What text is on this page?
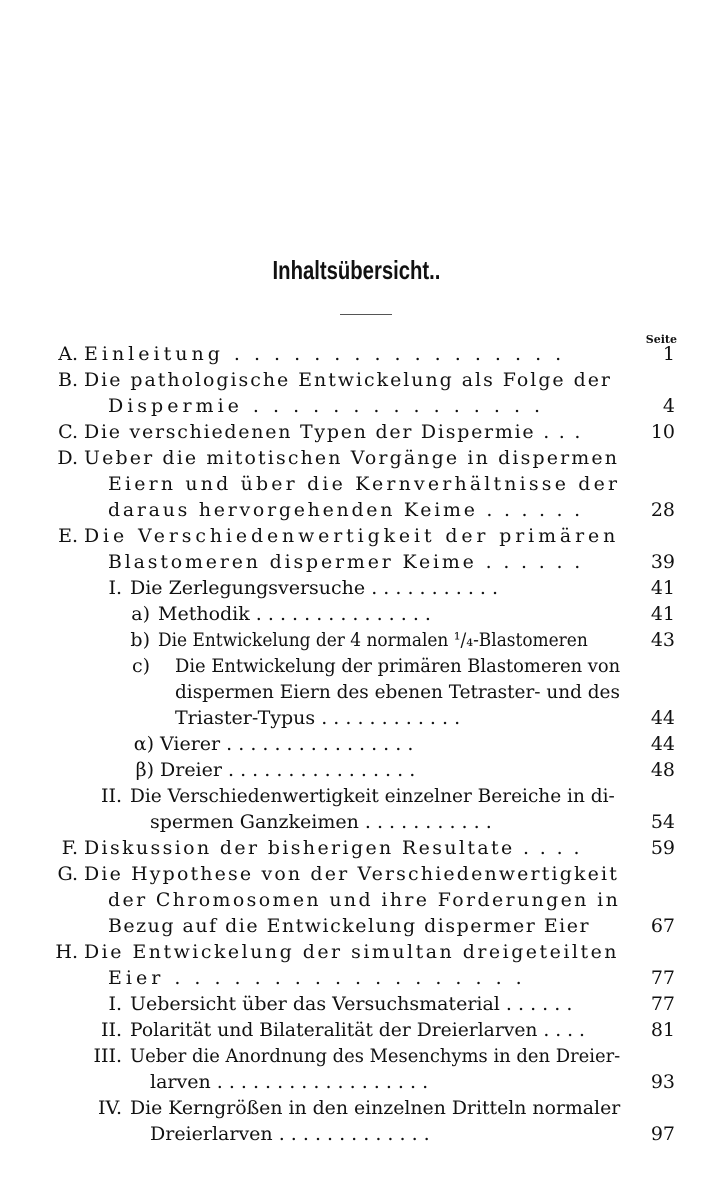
Inhaltsübersicht..
Seite
A. Einleitung . . . . . . . . . . . . . . . . .	1
B. Die pathologische Entwickelung als Folge der
Dispermie . . . . . . . . . . . . . . .	4
C. Die verschiedenen Typen der Dispermie . . .	10
D. Ueber die mitotischen Vorgänge in dispermen
Eiern und über die Kernverhältnisse der
daraus hervorgehenden Keime . . . . . .	28
E. Die Verschiedenwertigkeit der primären
Blastomeren dispermer Keime . . . . . .	39
I. Die Zerlegungsversuche . . . . . . . . . . .	41
a) Methodik . . . . . . . . . . . . . . .	41
b) Die Entwickelung der 4 normalen ¹/₄-Blastomeren	43
c) Die Entwickelung der primären Blastomeren von
dispermen Eiern des ebenen Tetraster- und des
Triaster-Typus . . . . . . . . . . . .	44
α) Vierer . . . . . . . . . . . . . . . .	44
β) Dreier . . . . . . . . . . . . . . . .	48
II. Die Verschiedenwertigkeit einzelner Bereiche in di-
spermen Ganzkeimen . . . . . . . . . . .	54
F. Diskussion der bisherigen Resultate . . . .	59
G. Die Hypothese von der Verschiedenwertigkeit
der Chromosomen und ihre Forderungen in
Bezug auf die Entwickelung dispermer Eier	67
H. Die Entwickelung der simultan dreigeteilten
Eier . . . . . . . . . . . . . . . . . .	77
I. Uebersicht über das Versuchsmaterial . . . . . .	77
II. Polarität und Bilateralität der Dreierlarven . . . .	81
III. Ueber die Anordnung des Mesenchyms in den Dreier-
larven . . . . . . . . . . . . . . . . . .	93
IV. Die Kerngrößen in den einzelnen Dritteln normaler
Dreierlarven . . . . . . . . . . . . .	97
